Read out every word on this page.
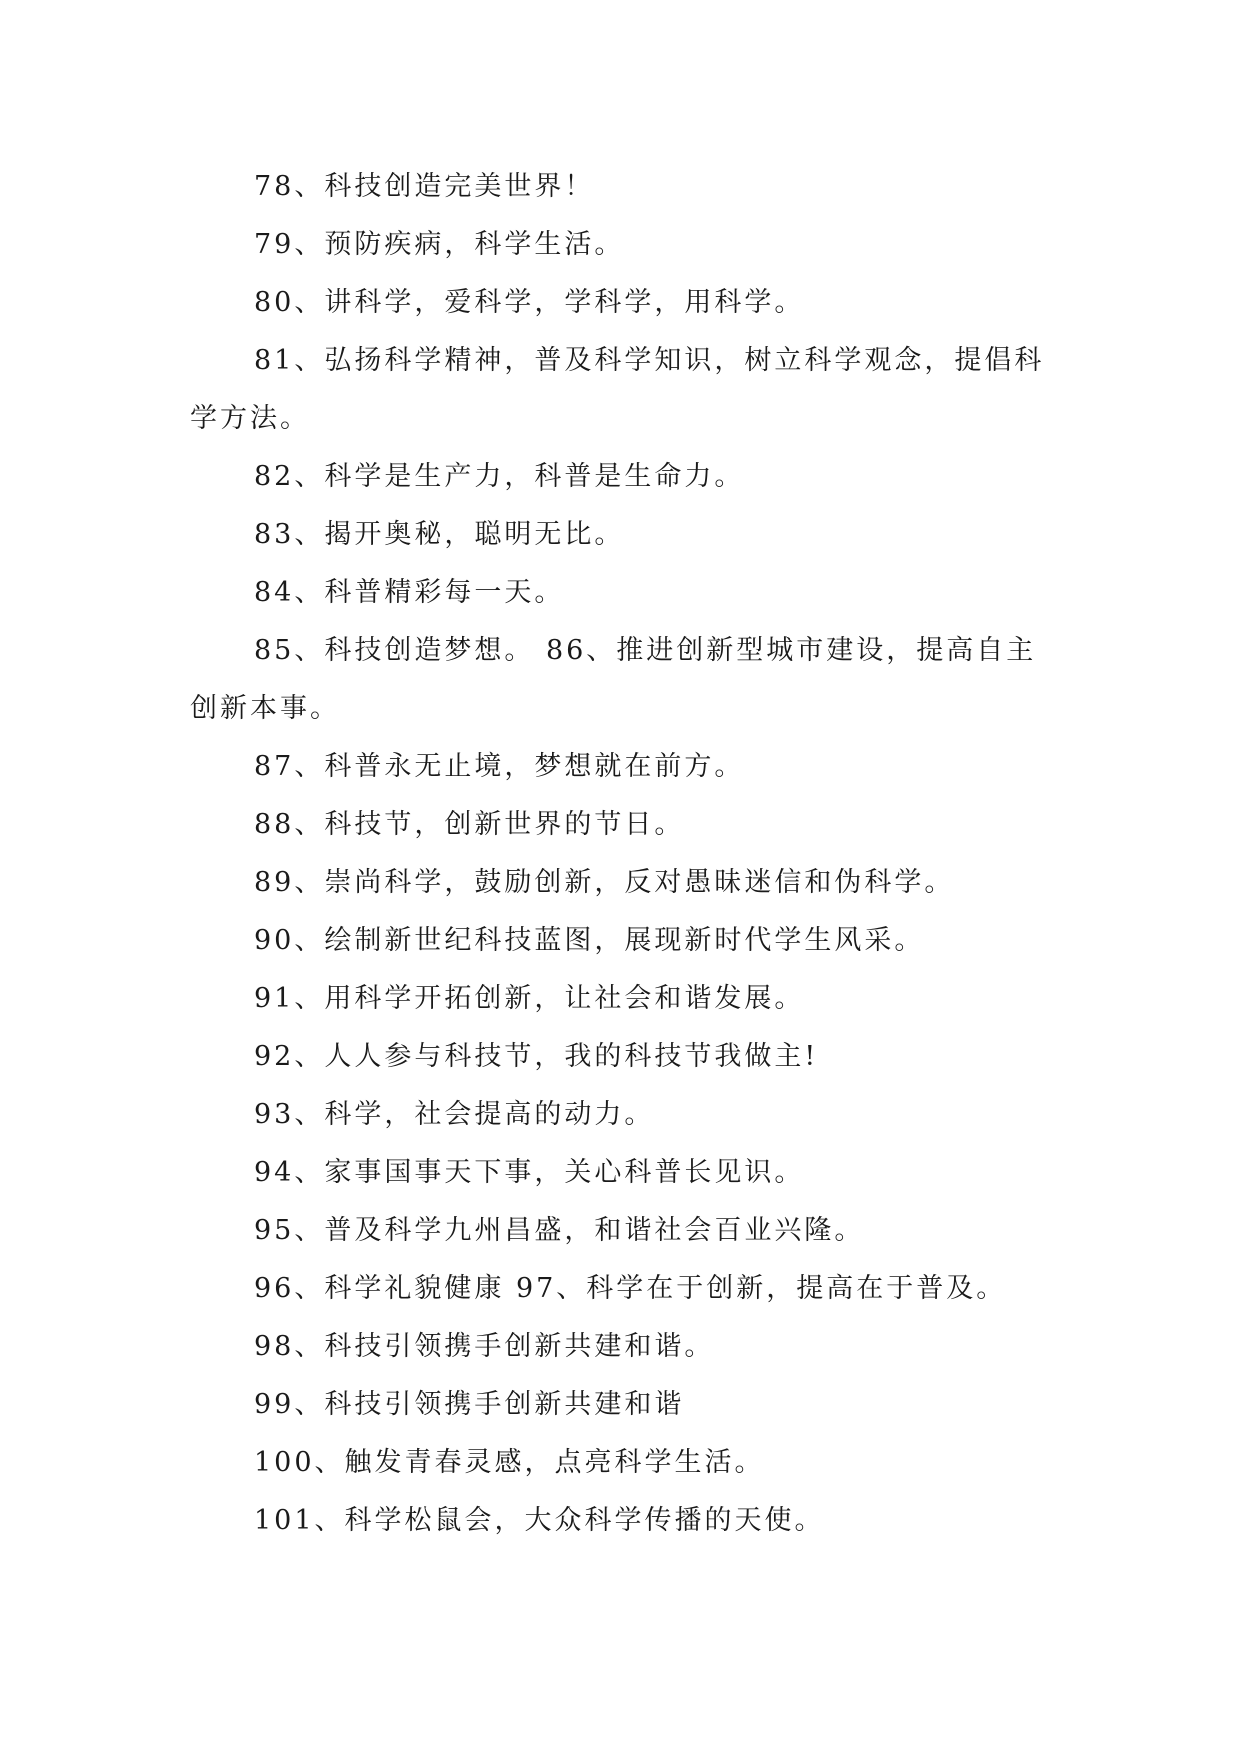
78、科技创造完美世界！

79、预防疾病，科学生活。

80、讲科学，爱科学，学科学，用科学。

81、弘扬科学精神，普及科学知识，树立科学观念，提倡科学方法。

82、科学是生产力，科普是生命力。

83、揭开奥秘，聪明无比。

84、科普精彩每一天。

85、科技创造梦想。 86、推进创新型城市建设，提高自主创新本事。

87、科普永无止境，梦想就在前方。

88、科技节，创新世界的节日。

89、崇尚科学，鼓励创新，反对愚昧迷信和伪科学。

90、绘制新世纪科技蓝图，展现新时代学生风采。

91、用科学开拓创新，让社会和谐发展。

92、人人参与科技节，我的科技节我做主!

93、科学，社会提高的动力。

94、家事国事天下事，关心科普长见识。

95、普及科学九州昌盛，和谐社会百业兴隆。

96、科学礼貌健康 97、科学在于创新，提高在于普及。

98、科技引领携手创新共建和谐。

99、科技引领携手创新共建和谐

100、触发青春灵感，点亮科学生活。

101、科学松鼠会，大众科学传播的天使。
